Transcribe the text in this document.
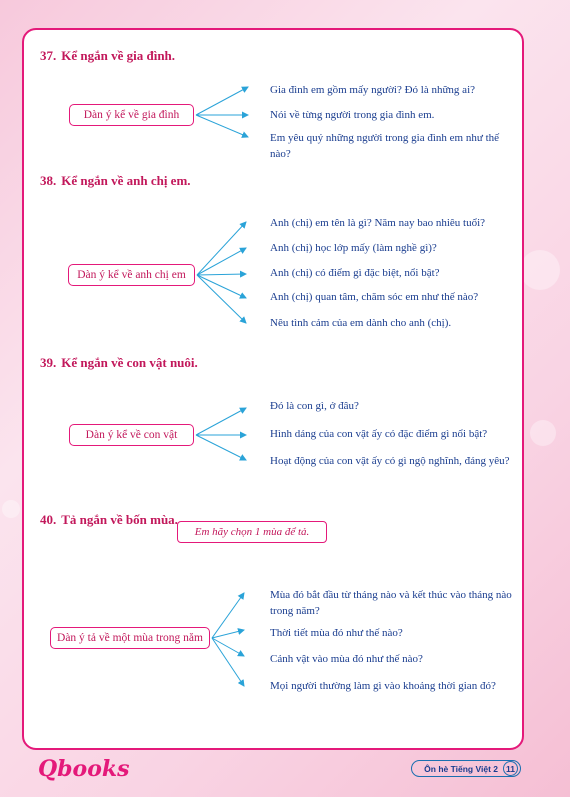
37. Kể ngắn về gia đình.
Dàn ý kể về gia đình
Gia đình em gồm mấy người? Đó là những ai?
Nói về từng người trong gia đình em.
Em yêu quý những người trong gia đình em như thế nào?
38. Kể ngắn về anh chị em.
Dàn ý kể về anh chị em
Anh (chị) em tên là gì? Năm nay bao nhiêu tuổi?
Anh (chị) học lớp mấy (làm nghề gì)?
Anh (chị) có điểm gì đặc biệt, nổi bật?
Anh (chị) quan tâm, chăm sóc em như thế nào?
Nêu tình cảm của em dành cho anh (chị).
39. Kể ngắn về con vật nuôi.
Dàn ý kể về con vật
Đó là con gì, ở đâu?
Hình dáng của con vật ấy có đặc điểm gì nổi bật?
Hoạt động của con vật ấy có gì ngộ nghĩnh, đáng yêu?
40. Tả ngắn về bốn mùa.
Dàn ý tả về một mùa trong năm
Mùa đó bắt đầu từ tháng nào và kết thúc vào tháng nào trong năm?
Thời tiết mùa đó như thế nào?
Cảnh vật vào mùa đó như thế nào?
Mọi người thường làm gì vào khoảng thời gian đó?
Em hãy chọn 1 mùa để tả.
Qbooks	Ôn hè Tiếng Việt 2 11
